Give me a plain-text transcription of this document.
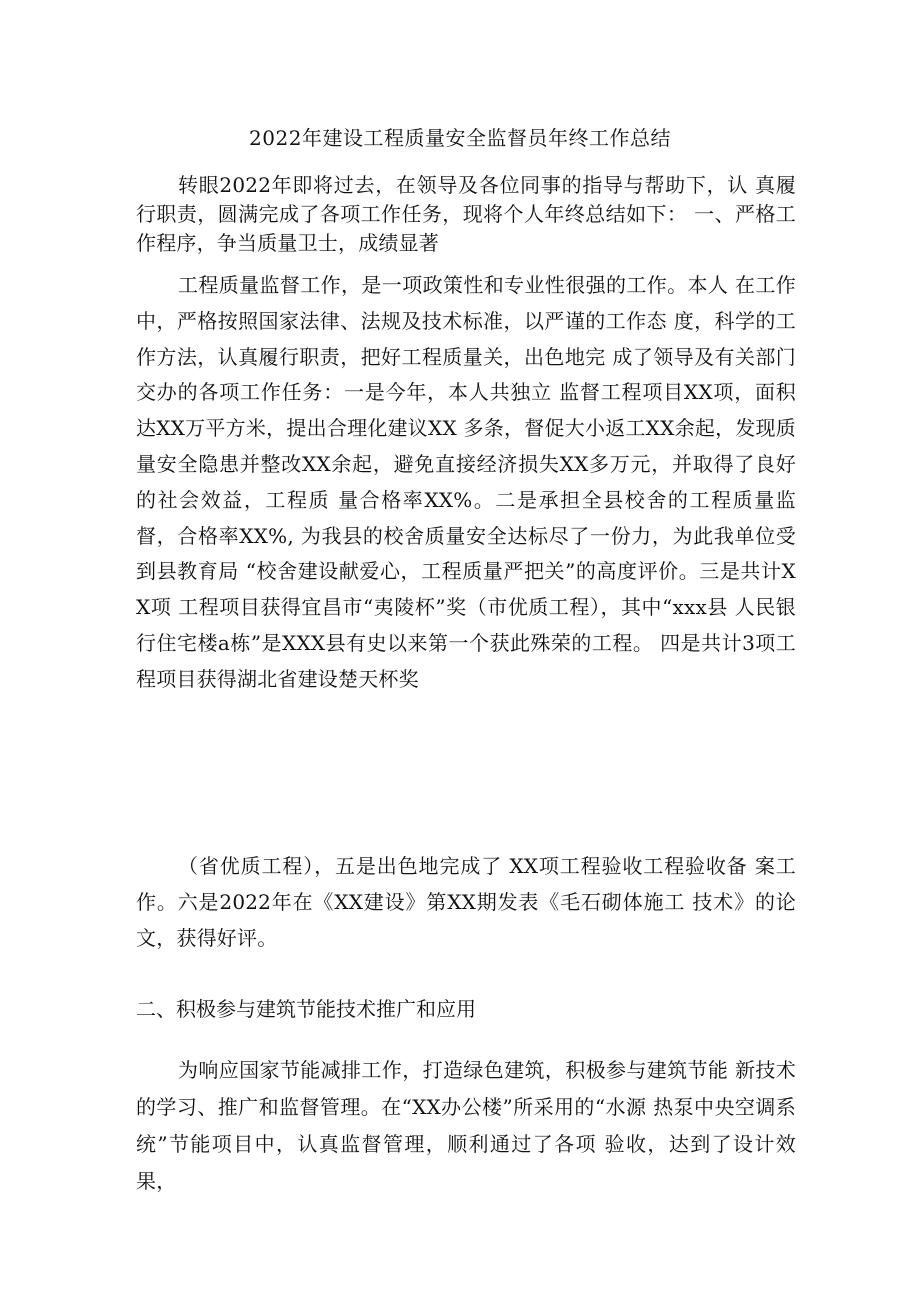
2022年建设工程质量安全监督员年终工作总结

转眼2022年即将过去，在领导及各位同事的指导与帮助下，认 真履行职责，圆满完成了各项工作任务，现将个人年终总结如下： 一、严格工作程序，争当质量卫士，成绩显著

工程质量监督工作，是一项政策性和专业性很强的工作。本人 在工作中，严格按照国家法律、法规及技术标准，以严谨的工作态 度，科学的工作方法，认真履行职责，把好工程质量关，出色地完 成了领导及有关部门交办的各项工作任务：一是今年，本人共独立 监督工程项目XX项，面积达XX万平方米，提出合理化建议XX 多条，督促大小返工XX余起，发现质量安全隐患并整改XX余起，避免直接经济损失XX多万元，并取得了良好的社会效益，工程质 量合格率XX%。二是承担全县校舍的工程质量监督，合格率XX%, 为我县的校舍质量安全达标尽了一份力，为此我单位受到县教育局 “校舍建设献爱心，工程质量严把关”的高度评价。三是共计XX项 工程项目获得宜昌市“夷陵杯”奖（市优质工程），其中“xxx县 人民银行住宅楼a栋”是XXX县有史以来第一个获此殊荣的工程。 四是共计3项工程项目获得湖北省建设楚天杯奖

（省优质工程），五是出色地完成了 XX项工程验收工程验收备 案工作。六是2022年在《XX建设》第XX期发表《毛石砌体施工 技术》的论文，获得好评。

二、积极参与建筑节能技术推广和应用

为响应国家节能减排工作，打造绿色建筑，积极参与建筑节能 新技术的学习、推广和监督管理。在“XX办公楼”所采用的“水源 热泵中央空调系统”节能项目中，认真监督管理，顺利通过了各项 验收，达到了设计效果，
